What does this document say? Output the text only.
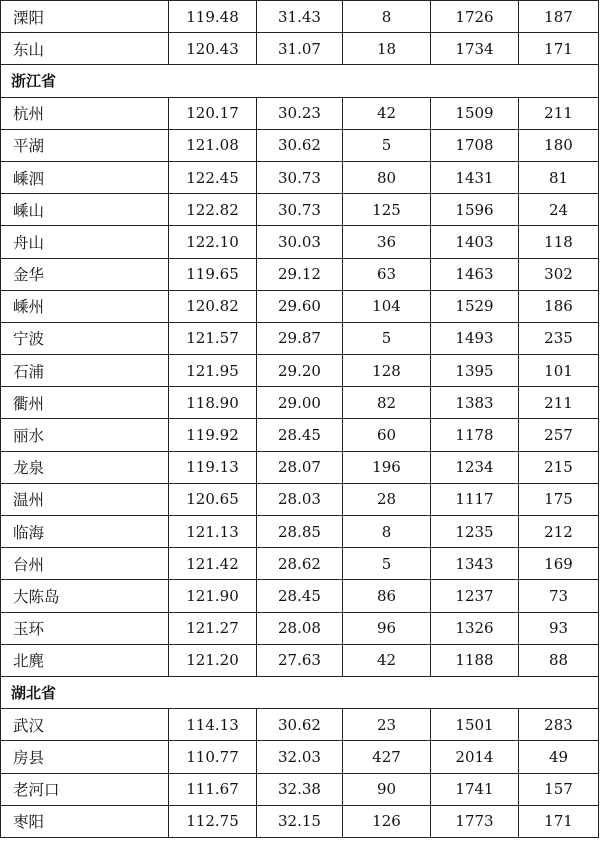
溧阳	119.48	31.43	8	1726	187
东山	120.43	31.07	18	1734	171
浙江省					
杭州	120.17	30.23	42	1509	211
平湖	121.08	30.62	5	1708	180
嵊泗	122.45	30.73	80	1431	81
嵊山	122.82	30.73	125	1596	24
舟山	122.10	30.03	36	1403	118
金华	119.65	29.12	63	1463	302
嵊州	120.82	29.60	104	1529	186
宁波	121.57	29.87	5	1493	235
石浦	121.95	29.20	128	1395	101
衢州	118.90	29.00	82	1383	211
丽水	119.92	28.45	60	1178	257
龙泉	119.13	28.07	196	1234	215
温州	120.65	28.03	28	1117	175
临海	121.13	28.85	8	1235	212
台州	121.42	28.62	5	1343	169
大陈岛	121.90	28.45	86	1237	73
玉环	121.27	28.08	96	1326	93
北麂	121.20	27.63	42	1188	88
湖北省					
武汉	114.13	30.62	23	1501	283
房县	110.77	32.03	427	2014	49
老河口	111.67	32.38	90	1741	157
枣阳	112.75	32.15	126	1773	171
